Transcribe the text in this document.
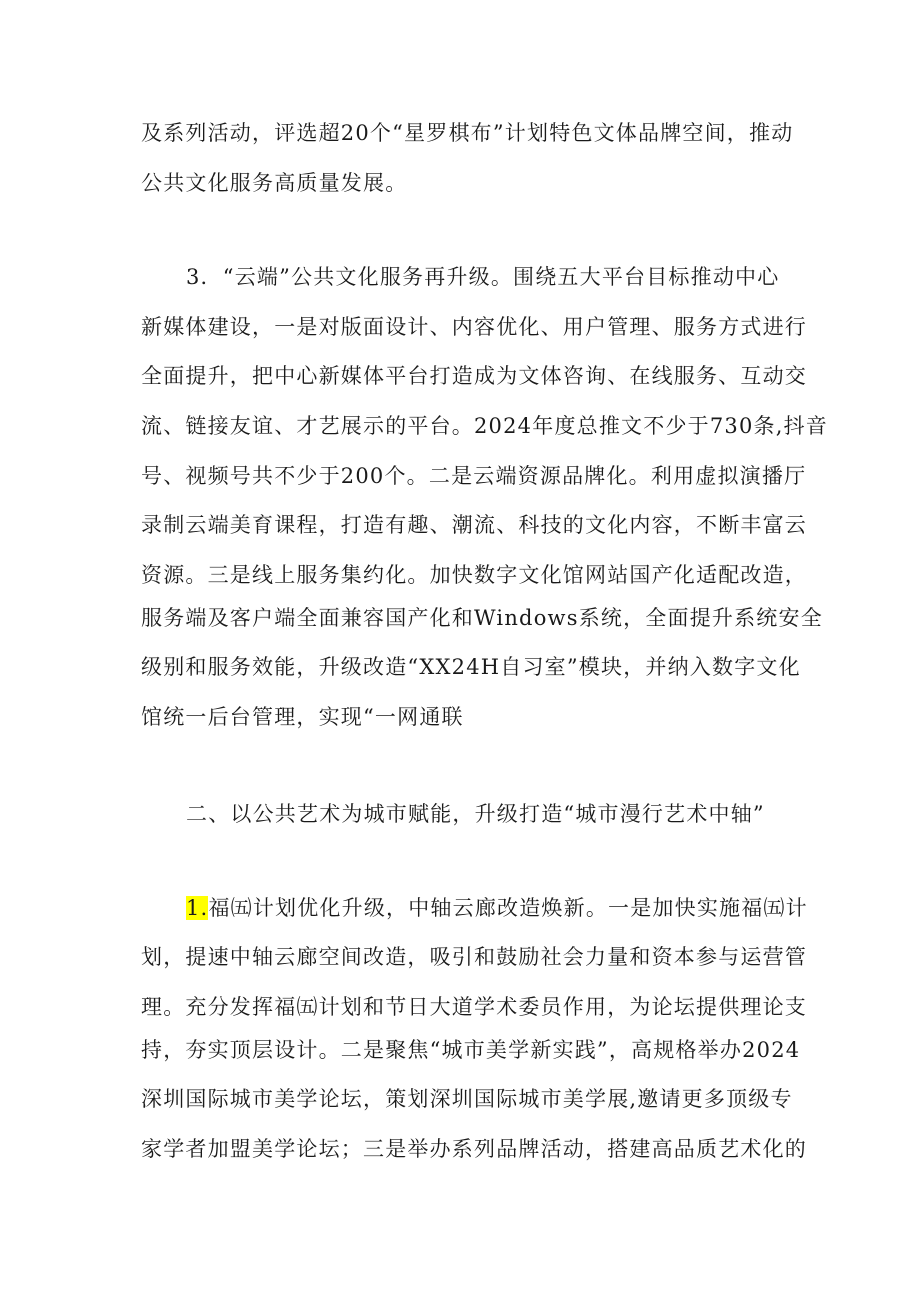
及系列活动，评选超20个“星罗棋布”计划特色文体品牌空间，推动
公共文化服务高质量发展。
3．“云端”公共文化服务再升级。围绕五大平台目标推动中心
新媒体建设，一是对版面设计、内容优化、用户管理、服务方式进行
全面提升，把中心新媒体平台打造成为文体咨询、在线服务、互动交
流、链接友谊、才艺展示的平台。2024年度总推文不少于730条,抖音
号、视频号共不少于200个。二是云端资源品牌化。利用虚拟演播厅
录制云端美育课程，打造有趣、潮流、科技的文化内容，不断丰富云
资源。三是线上服务集约化。加快数字文化馆网站国产化适配改造，
服务端及客户端全面兼容国产化和Windows系统，全面提升系统安全
级别和服务效能，升级改造“XX24H自习室”模块，并纳入数字文化
馆统一后台管理，实现“一网通联
二、以公共艺术为城市赋能，升级打造“城市漫行艺术中轴”
1.福㈤计划优化升级，中轴云廊改造焕新。一是加快实施福㈤计
划，提速中轴云廊空间改造，吸引和鼓励社会力量和资本参与运营管
理。充分发挥福㈤计划和节日大道学术委员作用，为论坛提供理论支
持，夯实顶层设计。二是聚焦“城市美学新实践”，高规格举办2024
深圳国际城市美学论坛，策划深圳国际城市美学展,邀请更多顶级专
家学者加盟美学论坛；三是举办系列品牌活动，搭建高品质艺术化的
